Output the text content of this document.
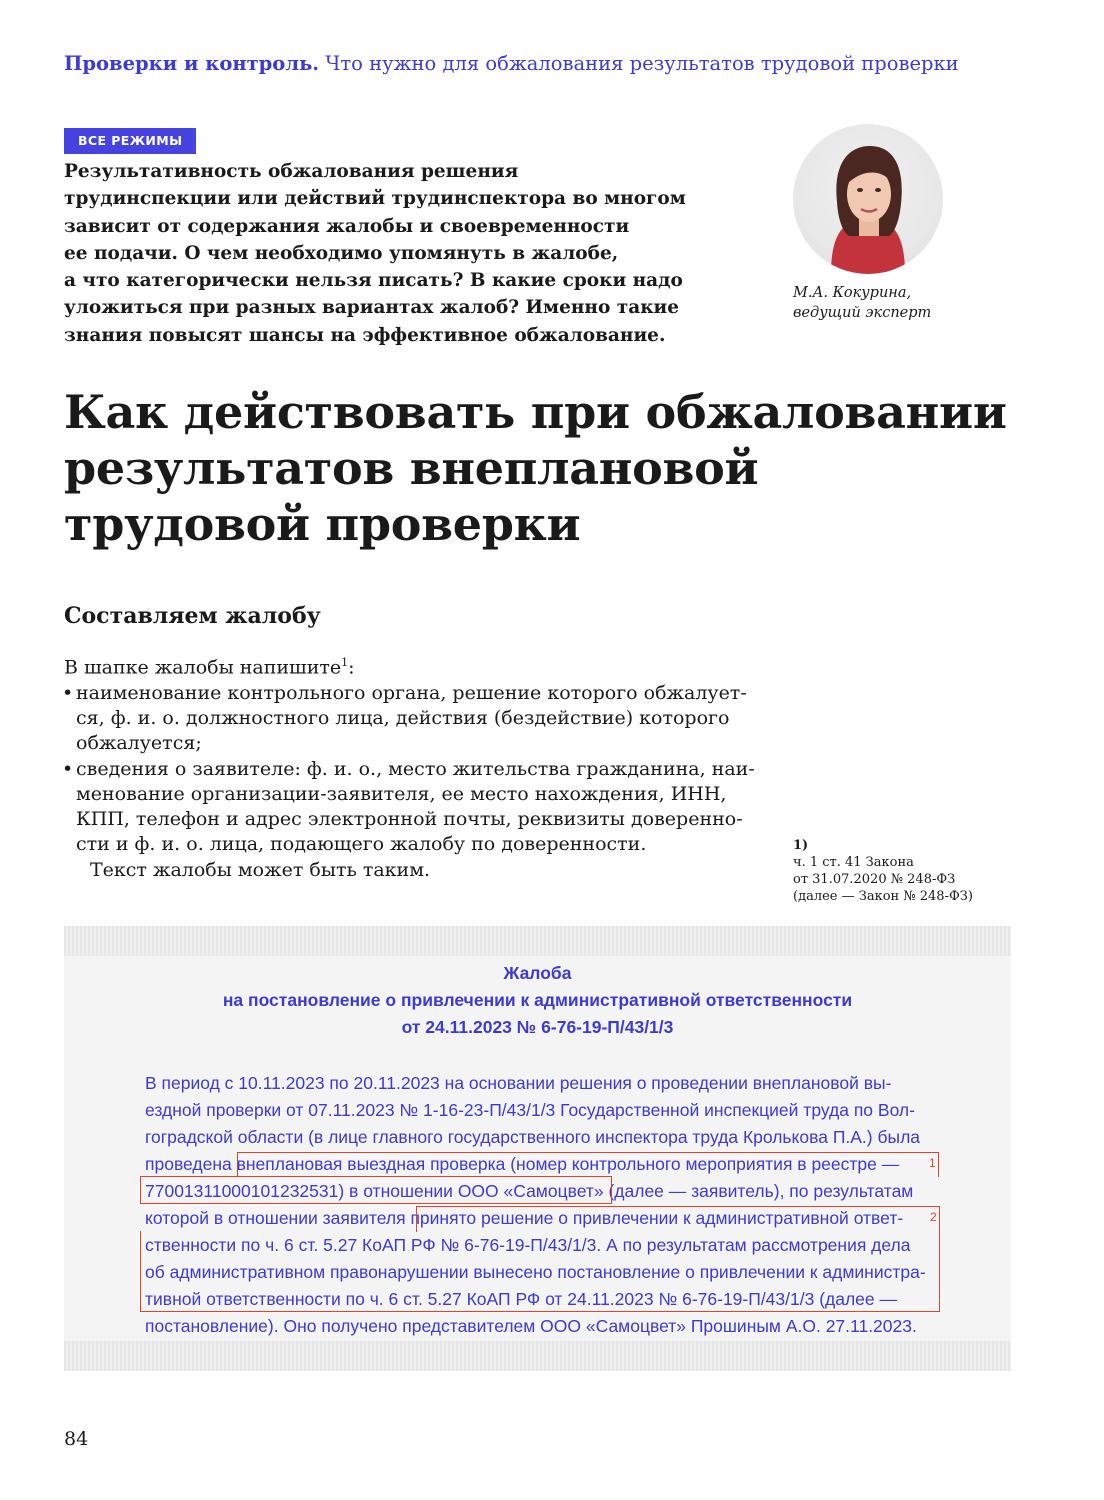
Проверки и контроль. Что нужно для обжалования результатов трудовой проверки
ВСЕ РЕЖИМЫ
Результативность обжалования решения
трудинспекции или действий трудинспектора во многом
зависит от содержания жалобы и своевременности
ее подачи. О чем необходимо упомянуть в жалобе,
а что категорически нельзя писать? В какие сроки надо
уложиться при разных вариантах жалоб? Именно такие
знания повысят шансы на эффективное обжалование.
М.А. Кокурина,
ведущий эксперт
Как действовать при обжаловании
результатов внеплановой
трудовой проверки
Составляем жалобу
В шапке жалобы напишите$^1$:
• наименование контрольного органа, решение которого обжалует-
ся, ф. и. о. должностного лица, действия (бездействие) которого
обжалуется;
• сведения о заявителе: ф. и. о., место жительства гражданина, наи-
менование организации-заявителя, ее место нахождения, ИНН,
КПП, телефон и адрес электронной почты, реквизиты доверенно-
сти и ф. и. о. лица, подающего жалобу по доверенности.
Текст жалобы может быть таким.
1)
ч. 1 ст. 41 Закона
от 31.07.2020 № 248-ФЗ
(далее — Закон № 248-ФЗ)
Жалоба
на постановление о привлечении к административной ответственности
от 24.11.2023 № 6-76-19-П/43/1/3
В период с 10.11.2023 по 20.11.2023 на основании решения о проведении внеплановой вы-
ездной проверки от 07.11.2023 № 1-16-23-П/43/1/3 Государственной инспекцией труда по Вол-
гоградской области (в лице главного государственного инспектора труда Кролькова П.А.) была
проведена внеплановая выездная проверка (номер контрольного мероприятия в реестре —
77001311000101232531) в отношении ООО «Самоцвет» (далее — заявитель), по результатам
которой в отношении заявителя принято решение о привлечении к административной ответ-
ственности по ч. 6 ст. 5.27 КоАП РФ № 6-76-19-П/43/1/3. А по результатам рассмотрения дела
об административном правонарушении вынесено постановление о привлечении к администра-
тивной ответственности по ч. 6 ст. 5.27 КоАП РФ от 24.11.2023 № 6-76-19-П/43/1/3 (далее —
постановление). Оно получено представителем ООО «Самоцвет» Прошиным А.О. 27.11.2023.
1
2
84
